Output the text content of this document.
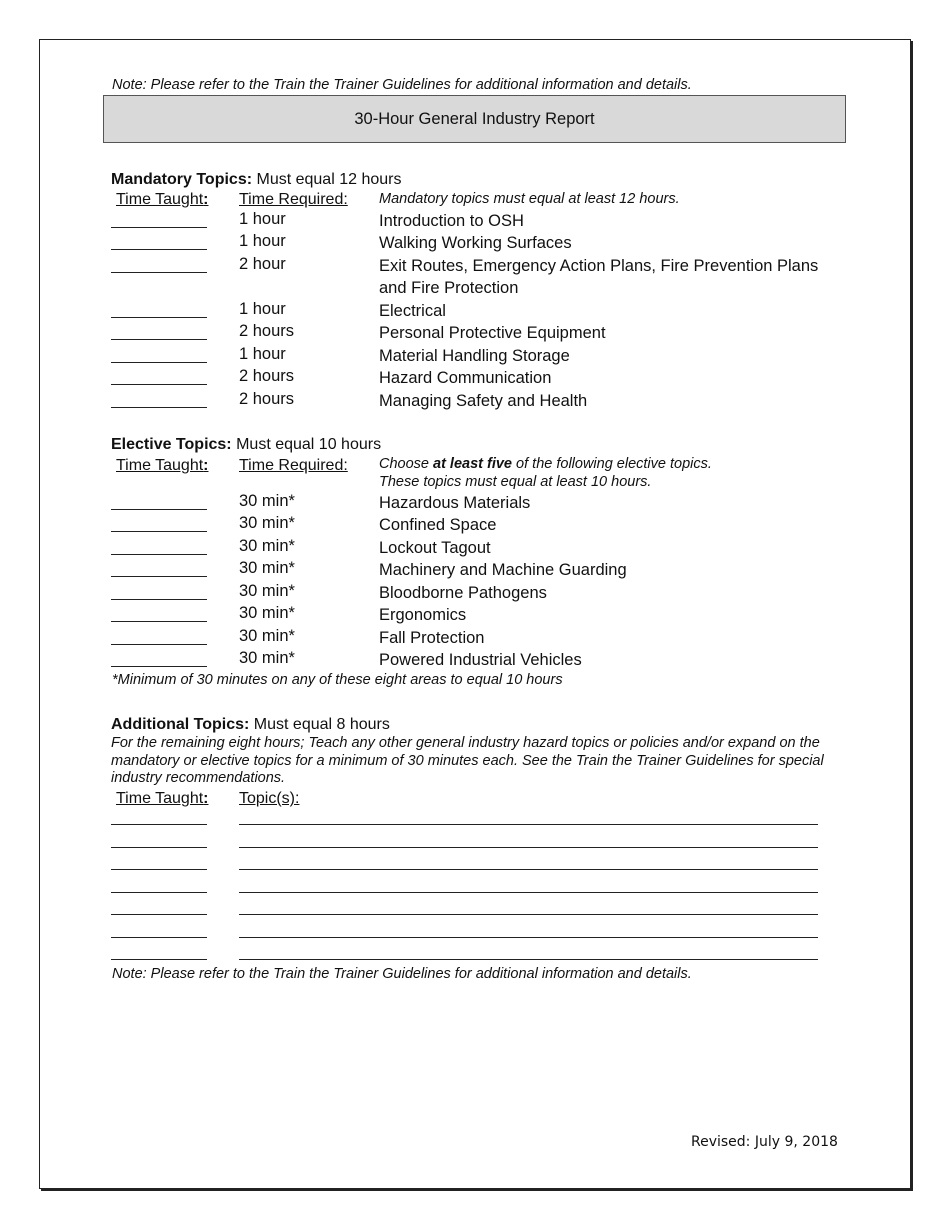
Note: Please refer to the Train the Trainer Guidelines for additional information and details.
30-Hour General Industry Report
Mandatory Topics: Must equal 12 hours
Time Taught: Time Required: Mandatory topics must equal at least 12 hours.
1 hour	Introduction to OSH
1 hour	Walking Working Surfaces
2 hour	Exit Routes, Emergency Action Plans, Fire Prevention Plans and Fire Protection
1 hour	Electrical
2 hours	Personal Protective Equipment
1 hour	Material Handling Storage
2 hours	Hazard Communication
2 hours	Managing Safety and Health
Elective Topics: Must equal 10 hours
Time Taught: Time Required: Choose at least five of the following elective topics.
These topics must equal at least 10 hours.
30 min*	Hazardous Materials
30 min*	Confined Space
30 min*	Lockout Tagout
30 min*	Machinery and Machine Guarding
30 min*	Bloodborne Pathogens
30 min*	Ergonomics
30 min*	Fall Protection
30 min*	Powered Industrial Vehicles
*Minimum of 30 minutes on any of these eight areas to equal 10 hours
Additional Topics: Must equal 8 hours
For the remaining eight hours; Teach any other general industry hazard topics or policies and/or expand on the mandatory or elective topics for a minimum of 30 minutes each. See the Train the Trainer Guidelines for special industry recommendations.
Time Taught: Topic(s):
Note: Please refer to the Train the Trainer Guidelines for additional information and details.
Revised: July 9, 2018
